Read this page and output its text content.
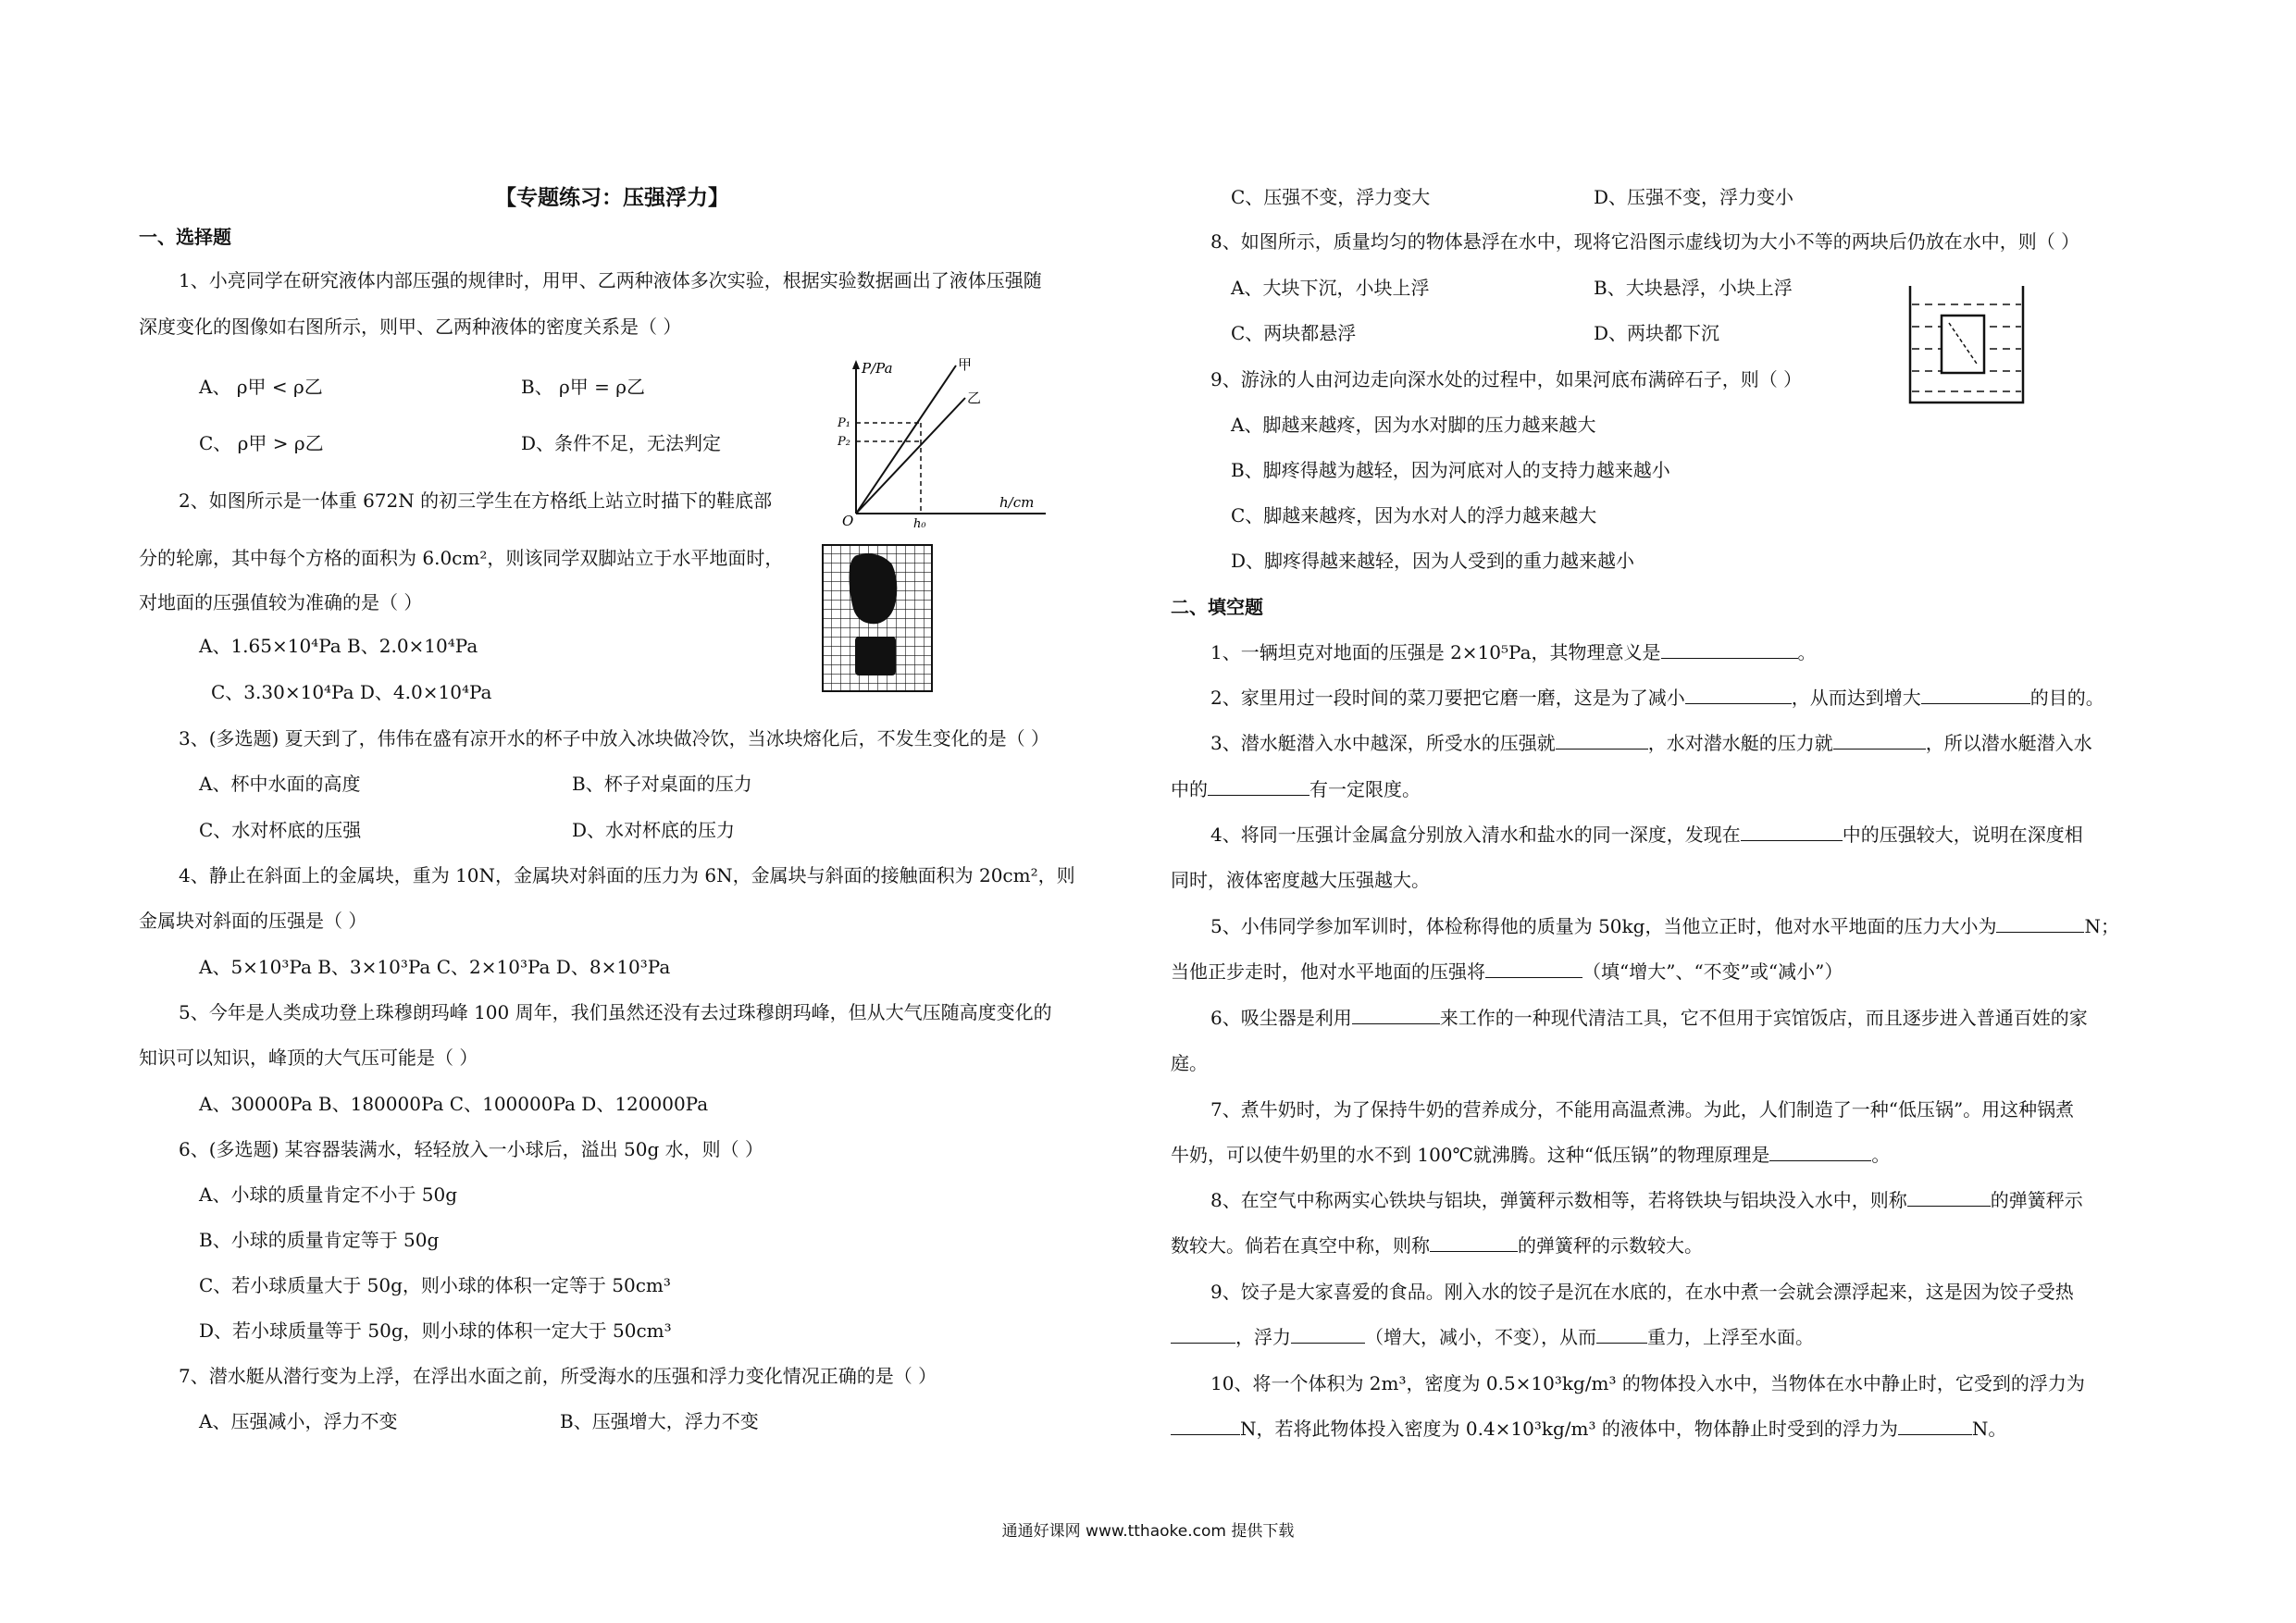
【专题练习：压强浮力】
一、选择题
1、小亮同学在研究液体内部压强的规律时，用甲、乙两种液体多次实验，根据实验数据画出了液体压强随
深度变化的图像如右图所示，则甲、乙两种液体的密度关系是（ ）
A、 ρ甲 < ρ乙	B、 ρ甲 = ρ乙
C、 ρ甲 > ρ乙	D、条件不足，无法判定
P/Pa
h/cm
O
P₁
P₂
h₀
甲
乙
2、如图所示是一体重 672N 的初三学生在方格纸上站立时描下的鞋底部
分的轮廓，其中每个方格的面积为 6.0cm²，则该同学双脚站立于水平地面时，
对地面的压强值较为准确的是（ ）
A、1.65×10⁴Pa B、2.0×10⁴Pa
C、3.30×10⁴Pa D、4.0×10⁴Pa
3、(多选题) 夏天到了，伟伟在盛有凉开水的杯子中放入冰块做冷饮，当冰块熔化后，不发生变化的是（ ）
A、杯中水面的高度	B、杯子对桌面的压力
C、水对杯底的压强	D、水对杯底的压力
4、静止在斜面上的金属块，重为 10N，金属块对斜面的压力为 6N，金属块与斜面的接触面积为 20cm²，则
金属块对斜面的压强是（ ）
A、5×10³Pa B、3×10³Pa C、2×10³Pa D、8×10³Pa
5、今年是人类成功登上珠穆朗玛峰 100 周年，我们虽然还没有去过珠穆朗玛峰，但从大气压随高度变化的
知识可以知识，峰顶的大气压可能是（ ）
A、30000Pa B、180000Pa C、100000Pa D、120000Pa
6、(多选题) 某容器装满水，轻轻放入一小球后，溢出 50g 水，则（ ）
A、小球的质量肯定不小于 50g
B、小球的质量肯定等于 50g
C、若小球质量大于 50g，则小球的体积一定等于 50cm³
D、若小球质量等于 50g，则小球的体积一定大于 50cm³
7、潜水艇从潜行变为上浮，在浮出水面之前，所受海水的压强和浮力变化情况正确的是（ ）
A、压强减小，浮力不变	B、压强增大，浮力不变
C、压强不变，浮力变大	D、压强不变，浮力变小
8、如图所示，质量均匀的物体悬浮在水中，现将它沿图示虚线切为大小不等的两块后仍放在水中，则（ ）
A、大块下沉，小块上浮	B、大块悬浮，小块上浮
C、两块都悬浮	D、两块都下沉
9、游泳的人由河边走向深水处的过程中，如果河底布满碎石子，则（ ）
A、脚越来越疼，因为水对脚的压力越来越大
B、脚疼得越为越轻，因为河底对人的支持力越来越小
C、脚越来越疼，因为水对人的浮力越来越大
D、脚疼得越来越轻，因为人受到的重力越来越小
二、填空题
1、一辆坦克对地面的压强是 2×10⁵Pa，其物理意义是	。
2、家里用过一段时间的菜刀要把它磨一磨，这是为了减小	，从而达到增大	的目的。
3、潜水艇潜入水中越深，所受水的压强就	，水对潜水艇的压力就	，所以潜水艇潜入水
中的	有一定限度。
4、将同一压强计金属盒分别放入清水和盐水的同一深度，发现在	中的压强较大，说明在深度相
同时，液体密度越大压强越大。
5、小伟同学参加军训时，体检称得他的质量为 50kg，当他立正时，他对水平地面的压力大小为	N；
当他正步走时，他对水平地面的压强将	（填“增大”、“不变”或“减小”）
6、吸尘器是利用	来工作的一种现代清洁工具，它不但用于宾馆饭店，而且逐步进入普通百姓的家
庭。
7、煮牛奶时，为了保持牛奶的营养成分，不能用高温煮沸。为此，人们制造了一种“低压锅”。用这种锅煮
牛奶，可以使牛奶里的水不到 100℃就沸腾。这种“低压锅”的物理原理是	。
8、在空气中称两实心铁块与铝块，弹簧秤示数相等，若将铁块与铝块没入水中，则称	的弹簧秤示
数较大。倘若在真空中称，则称	的弹簧秤的示数较大。
9、饺子是大家喜爱的食品。刚入水的饺子是沉在水底的，在水中煮一会就会漂浮起来，这是因为饺子受热
，浮力	（增大，减小，不变），从而	重力，上浮至水面。
10、将一个体积为 2m³，密度为 0.5×10³kg/m³ 的物体投入水中，当物体在水中静止时，它受到的浮力为
N，若将此物体投入密度为 0.4×10³kg/m³ 的液体中，物体静止时受到的浮力为	N。
通通好课网 www.tthaoke.com 提供下载
